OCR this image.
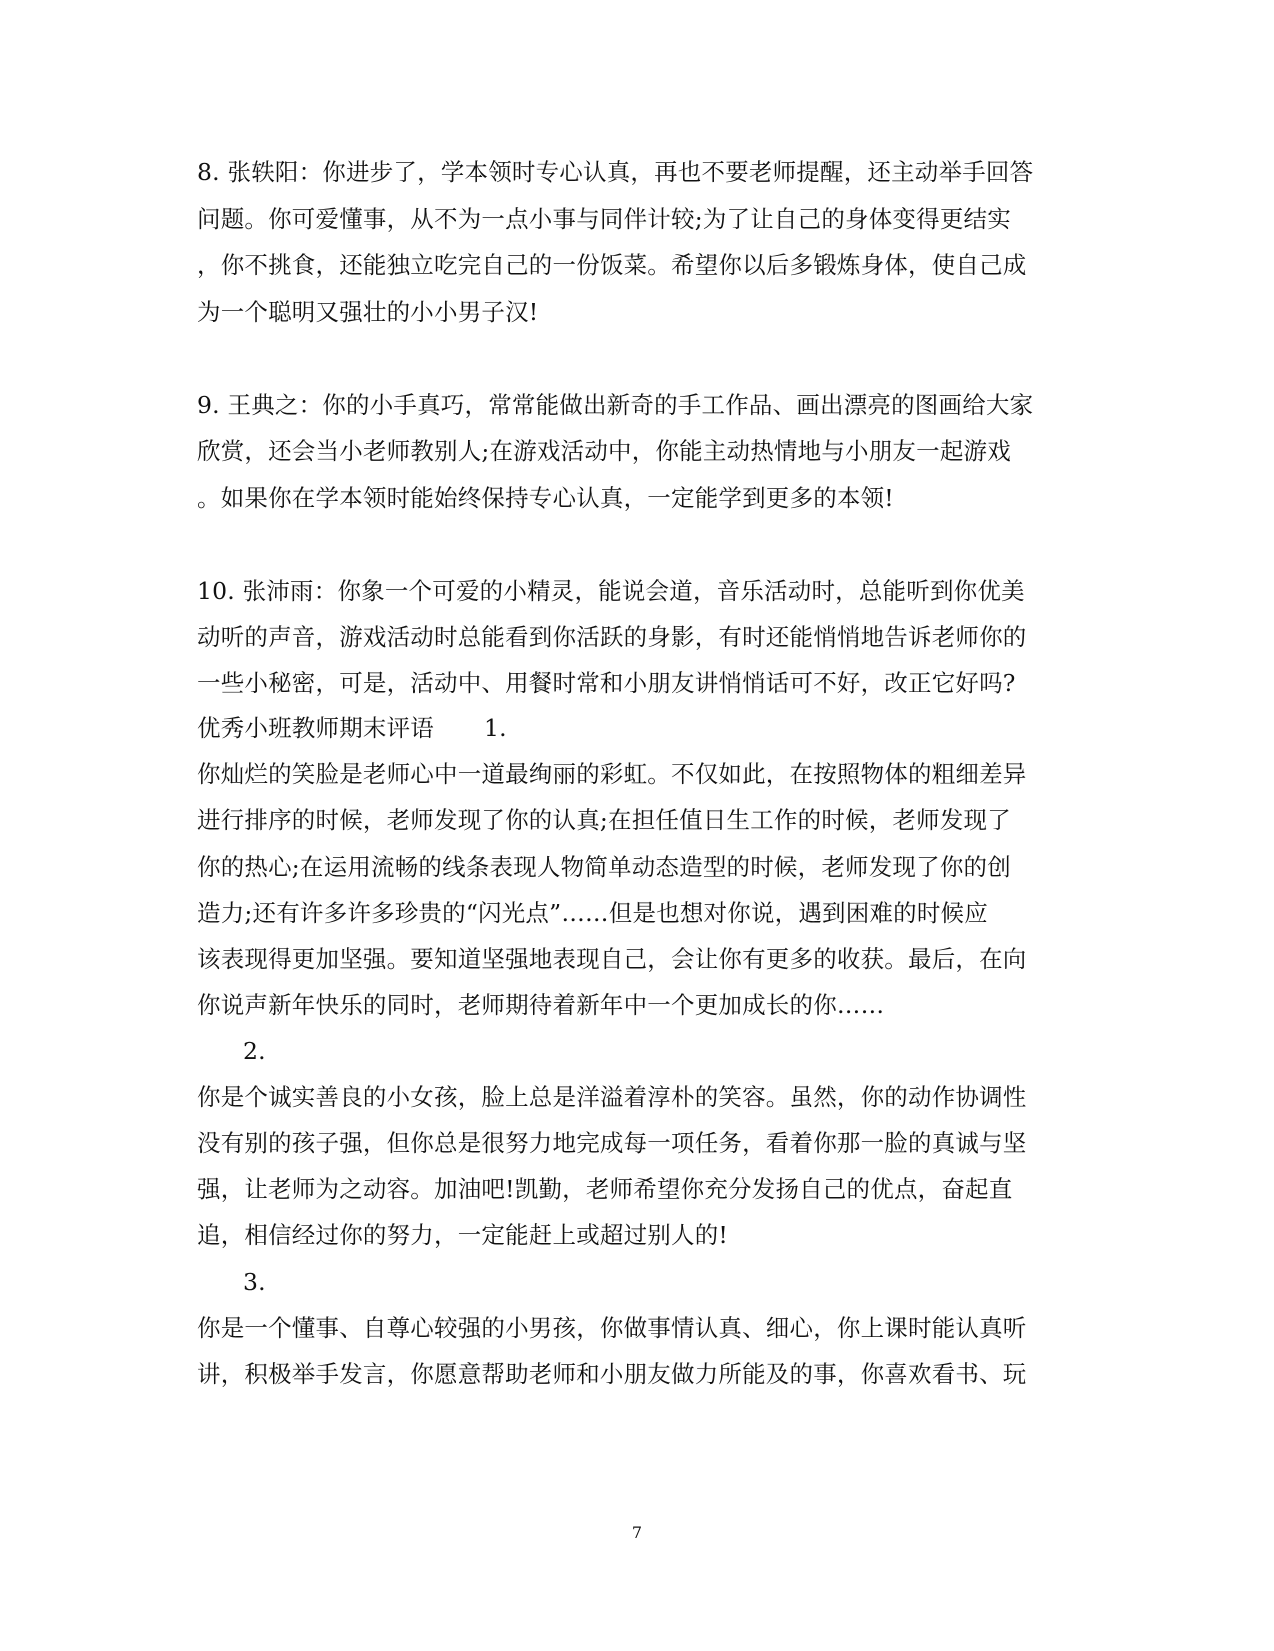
8. 张轶阳：你进步了，学本领时专心认真，再也不要老师提醒，还主动举手回答
问题。你可爱懂事，从不为一点小事与同伴计较;为了让自己的身体变得更结实
，你不挑食，还能独立吃完自己的一份饭菜。希望你以后多锻炼身体，使自己成
为一个聪明又强壮的小小男子汉!
9. 王典之：你的小手真巧，常常能做出新奇的手工作品、画出漂亮的图画给大家
欣赏，还会当小老师教别人;在游戏活动中，你能主动热情地与小朋友一起游戏
。如果你在学本领时能始终保持专心认真，一定能学到更多的本领!
10. 张沛雨：你象一个可爱的小精灵，能说会道，音乐活动时，总能听到你优美
动听的声音，游戏活动时总能看到你活跃的身影，有时还能悄悄地告诉老师你的
一些小秘密，可是，活动中、用餐时常和小朋友讲悄悄话可不好，改正它好吗?
优秀小班教师期末评语 1.
你灿烂的笑脸是老师心中一道最绚丽的彩虹。不仅如此，在按照物体的粗细差异
进行排序的时候，老师发现了你的认真;在担任值日生工作的时候，老师发现了
你的热心;在运用流畅的线条表现人物简单动态造型的时候，老师发现了你的创
造力;还有许多许多珍贵的“闪光点”……但是也想对你说，遇到困难的时候应
该表现得更加坚强。要知道坚强地表现自己，会让你有更多的收获。最后，在向
你说声新年快乐的同时，老师期待着新年中一个更加成长的你……
2.
你是个诚实善良的小女孩，脸上总是洋溢着淳朴的笑容。虽然，你的动作协调性
没有别的孩子强，但你总是很努力地完成每一项任务，看着你那一脸的真诚与坚
强，让老师为之动容。加油吧!凯勤，老师希望你充分发扬自己的优点，奋起直
追，相信经过你的努力，一定能赶上或超过别人的!
3.
你是一个懂事、自尊心较强的小男孩，你做事情认真、细心，你上课时能认真听
讲，积极举手发言，你愿意帮助老师和小朋友做力所能及的事，你喜欢看书、玩
7
